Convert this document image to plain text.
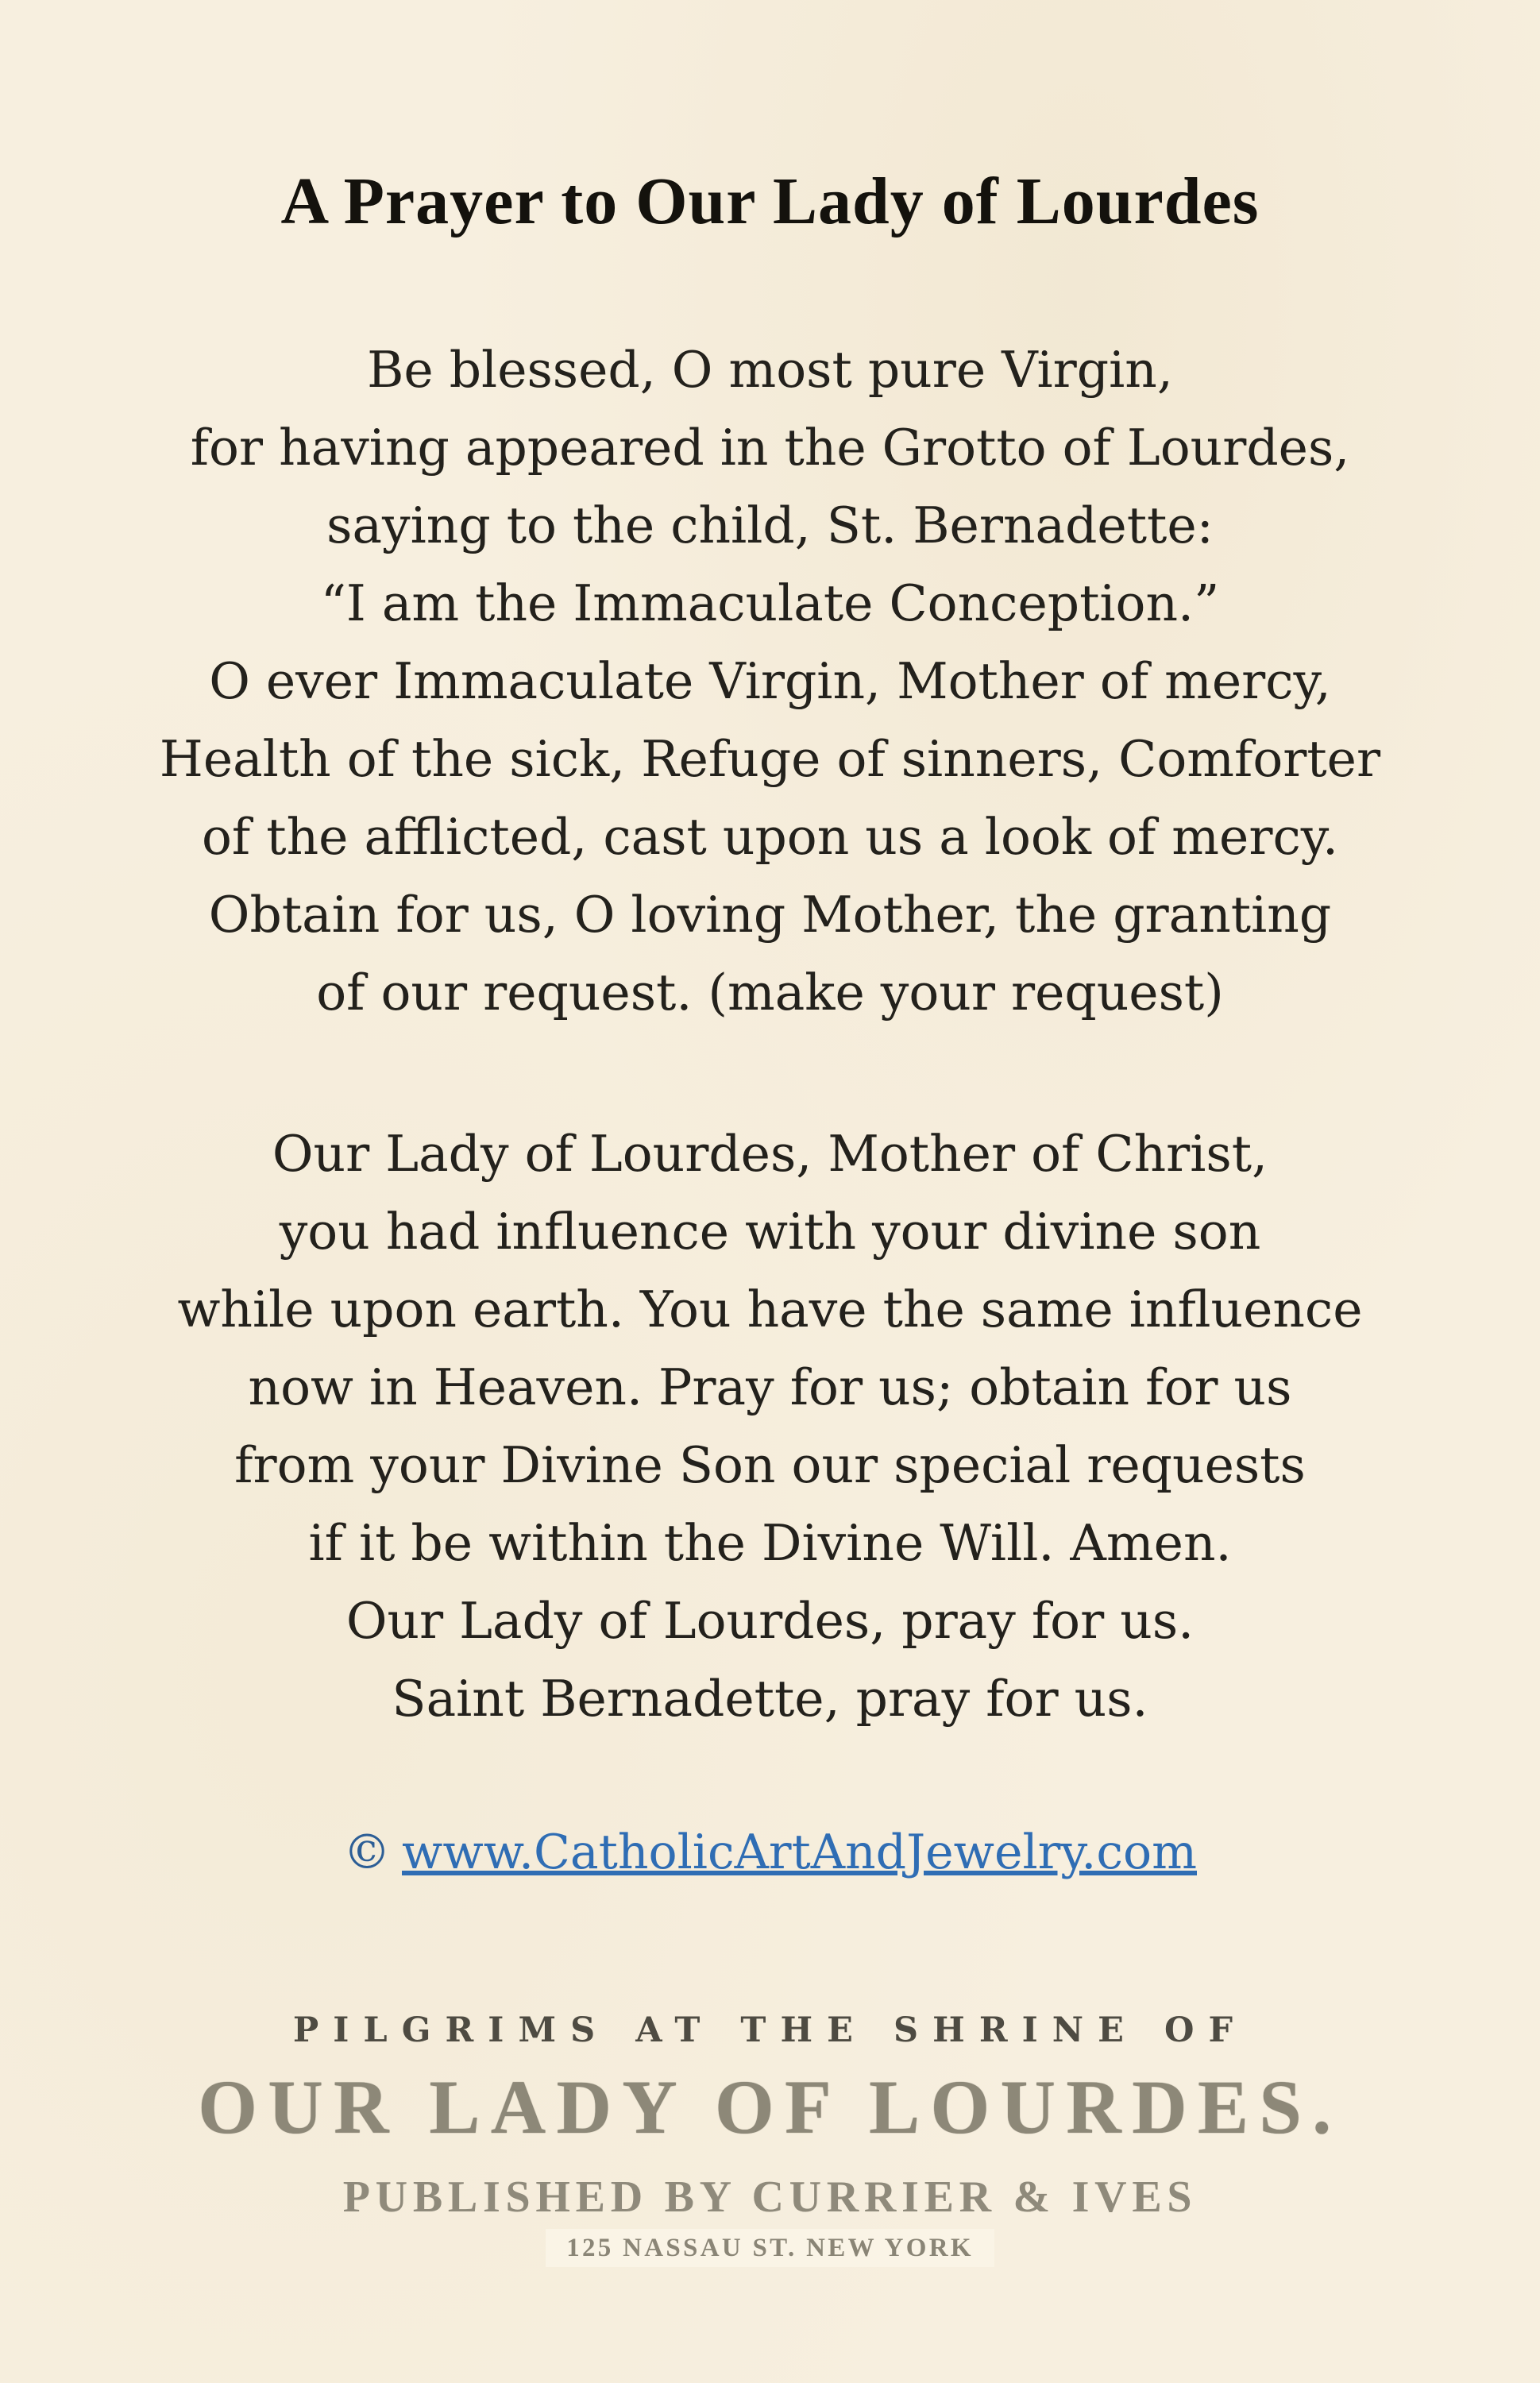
A Prayer to Our Lady of Lourdes
Be blessed, O most pure Virgin,
for having appeared in the Grotto of Lourdes,
saying to the child, St. Bernadette:
“I am the Immaculate Conception.”
O ever Immaculate Virgin, Mother of mercy,
Health of the sick, Refuge of sinners, Comforter
of the afflicted, cast upon us a look of mercy.
Obtain for us, O loving Mother, the granting
of our request. (make your request)
Our Lady of Lourdes, Mother of Christ,
you had influence with your divine son
while upon earth. You have the same influence
now in Heaven. Pray for us; obtain for us
from your Divine Son our special requests
if it be within the Divine Will. Amen.
Our Lady of Lourdes, pray for us.
Saint Bernadette, pray for us.
© www.CatholicArtAndJewelry.com
PILGRIMS AT THE SHRINE OF
OUR LADY OF LOURDES.
PUBLISHED BY CURRIER & IVES
125 NASSAU ST. NEW YORK
